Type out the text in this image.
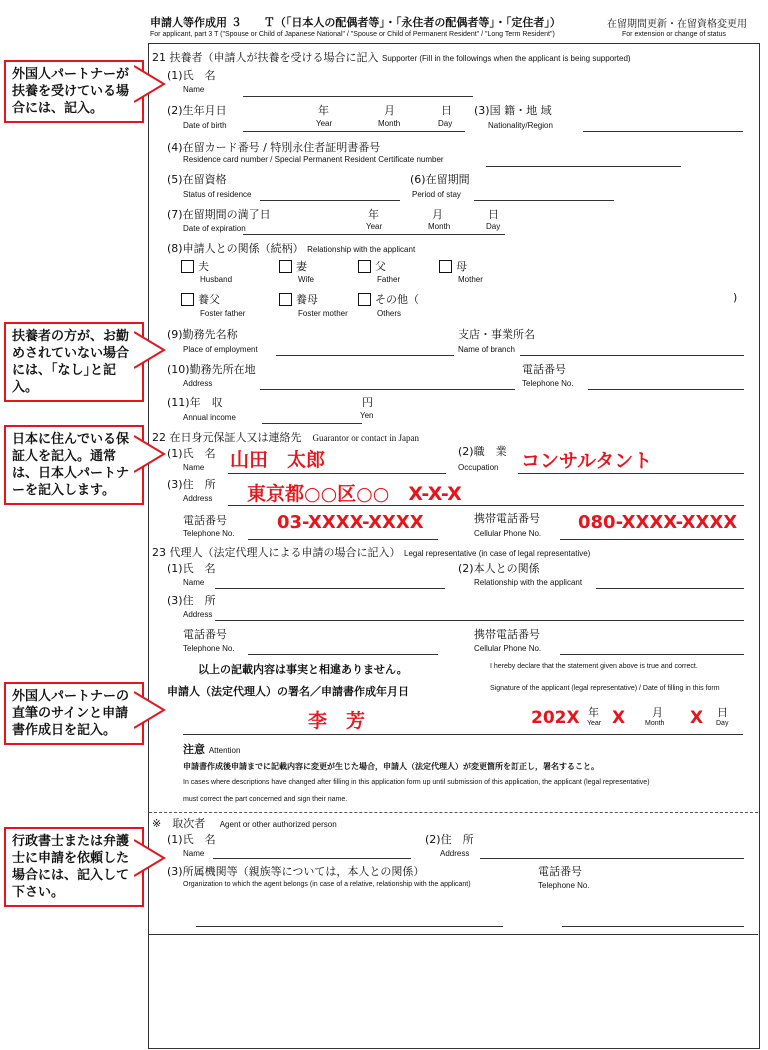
申請人等作成用 ３　　Ｔ（「日本人の配偶者等」・「永住者の配偶者等」・「定住者」）	在留期間更新・在留資格変更用
For applicant, part 3 T ("Spouse or Child of Japanese National" / "Spouse or Child of Permanent Resident" / "Long Term Resident")	For extension or change of status
21 扶養者（申請人が扶養を受ける場合に記入 Supporter (Fill in the followings when the applicant is being supported)
(1)氏　名
Name
(2)生年月日
Date of birth
年
Year
月
Month
日
Day
(3)国 籍・地 域
Nationality/Region
(4)在留カード番号 / 特別永住者証明書番号
Residence card number / Special Permanent Resident Certificate number
(5)在留資格
Status of residence
(6)在留期間
Period of stay
(7)在留期間の満了日
Date of expiration
年
Year
月
Month
日
Day
(8)申請人との関係（続柄） Relationship with the applicant
夫
Husband
妻
Wife
父
Father
母
Mother
養父
Foster father
養母
Foster mother
その他（
Others
)
(9)勤務先名称
Place of employment
支店・事業所名
Name of branch
(10)勤務先所在地
Address
電話番号
Telephone No.
(11)年　収
Annual income
円
Yen
22 在日身元保証人又は連絡先　 Guarantor or contact in Japan
(1)氏　名
Name 山田　太郎	(2)職　業
Occupation コンサルタント
(3)住　所
Address 東京都○○区○○　X-X-X
電話番号
Telephone No.
03-XXXX-XXXX	携帯電話番号
Cellular Phone No.
080-XXXX-XXXX
23 代理人（法定代理人による申請の場合に記入） Legal representative (in case of legal representative)
(1)氏　名
Name
(2)本人との関係
Relationship with the applicant
(3)住　所
Address
電話番号
Telephone No.
携帯電話番号
Cellular Phone No.
以上の記載内容は事実と相違ありません。	I hereby declare that the statement given above is true and correct.
申請人（法定代理人）の署名／申請書作成年月日	Signature of the applicant (legal representative) / Date of filling in this form
李　芳	202X 年
Year X 月
Month X 日
Day
注意 Attention
申請書作成後申請までに記載内容に変更が生じた場合，申請人（法定代理人）が変更箇所を訂正し，署名すること。
In cases where descriptions have changed after filling in this application form up until submission of this application, the applicant (legal representative)
must correct the part concerned and sign their name.
※　取次者　 Agent or other authorized person
(1)氏　名
Name
(2)住　所
Address
(3)所属機関等（親族等については，本人との関係）
Organization to which the agent belongs (in case of a relative, relationship with the applicant)
電話番号
Telephone No.
外国人パートナーが扶養を受けている場合には、記入。
扶養者の方が、お勤めされていない場合には、｢なし｣と記入。
日本に住んでいる保証人を記入。通常は、日本人パートナーを記入します。
外国人パートナーの直筆のサインと申請書作成日を記入。
行政書士または弁護士に申請を依頼した場合には、記入して下さい。
